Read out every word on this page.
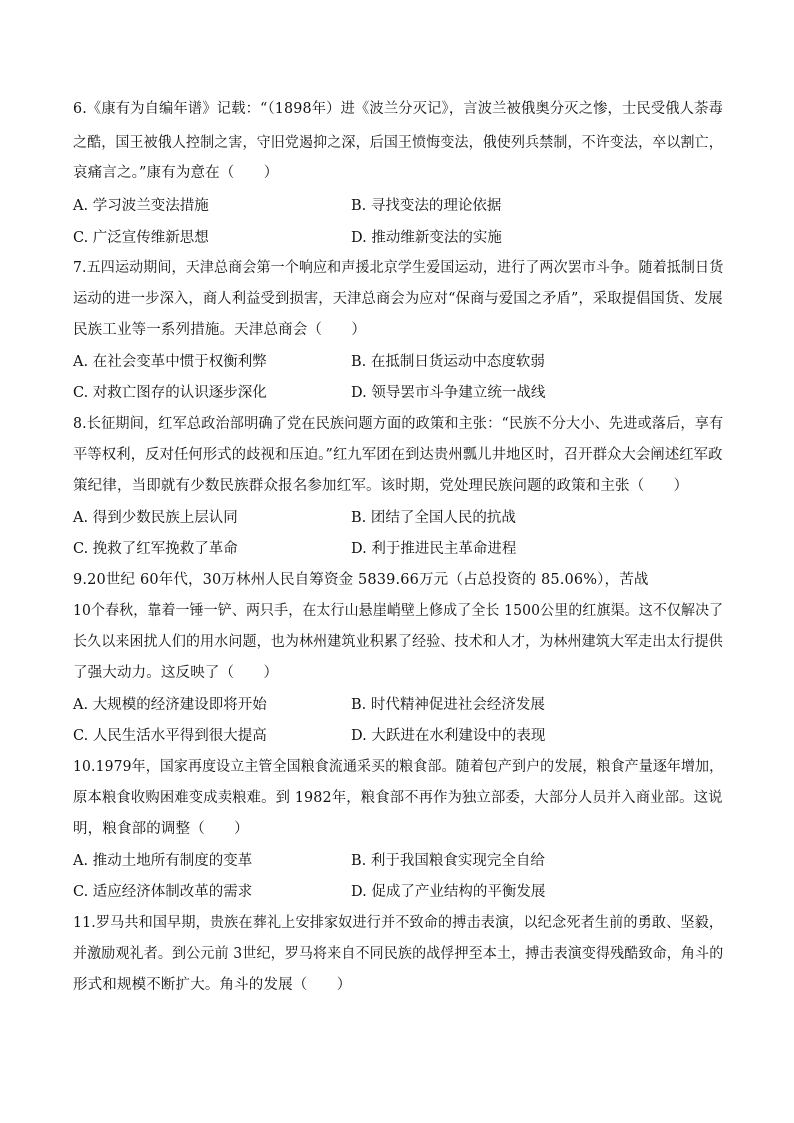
6.《康有为自编年谱》记载：“（1898年）进《波兰分灭记》，言波兰被俄奥分灭之惨，士民受俄人荼毒
之酷，国王被俄人控制之害，守旧党遏抑之深，后国王愤悔变法，俄使列兵禁制，不许变法，卒以割亡，
哀痛言之。”康有为意在（　　）
A. 学习波兰变法措施	B. 寻找变法的理论依据
C. 广泛宣传维新思想	D. 推动维新变法的实施
7.五四运动期间，天津总商会第一个响应和声援北京学生爱国运动，进行了两次罢市斗争。随着抵制日货
运动的进一步深入，商人利益受到损害，天津总商会为应对“保商与爱国之矛盾”，采取提倡国货、发展
民族工业等一系列措施。天津总商会（　　）
A. 在社会变革中惯于权衡利弊	B. 在抵制日货运动中态度软弱
C. 对救亡图存的认识逐步深化	D. 领导罢市斗争建立统一战线
8.长征期间，红军总政治部明确了党在民族问题方面的政策和主张：“民族不分大小、先进或落后，享有
平等权利，反对任何形式的歧视和压迫。”红九军团在到达贵州瓢儿井地区时，召开群众大会阐述红军政
策纪律，当即就有少数民族群众报名参加红军。该时期，党处理民族问题的政策和主张（　　）
A. 得到少数民族上层认同	B. 团结了全国人民的抗战
C. 挽救了红军挽救了革命	D. 利于推进民主革命进程
9.20世纪 60年代，30万林州人民自筹资金 5839.66万元（占总投资的 85.06%），苦战
10个春秋，靠着一锤一铲、两只手，在太行山悬崖峭壁上修成了全长 1500公里的红旗渠。这不仅解决了
长久以来困扰人们的用水问题，也为林州建筑业积累了经验、技术和人才，为林州建筑大军走出太行提供
了强大动力。这反映了（　　）
A. 大规模的经济建设即将开始	B. 时代精神促进社会经济发展
C. 人民生活水平得到很大提高	D. 大跃进在水利建设中的表现
10.1979年，国家再度设立主管全国粮食流通采买的粮食部。随着包产到户的发展，粮食产量逐年增加，
原本粮食收购困难变成卖粮难。到 1982年，粮食部不再作为独立部委，大部分人员并入商业部。这说
明，粮食部的调整（　　）
A. 推动土地所有制度的变革	B. 利于我国粮食实现完全自给
C. 适应经济体制改革的需求	D. 促成了产业结构的平衡发展
11.罗马共和国早期，贵族在葬礼上安排家奴进行并不致命的搏击表演，以纪念死者生前的勇敢、坚毅，
并激励观礼者。到公元前 3世纪，罗马将来自不同民族的战俘押至本土，搏击表演变得残酷致命，角斗的
形式和规模不断扩大。角斗的发展（　　）
